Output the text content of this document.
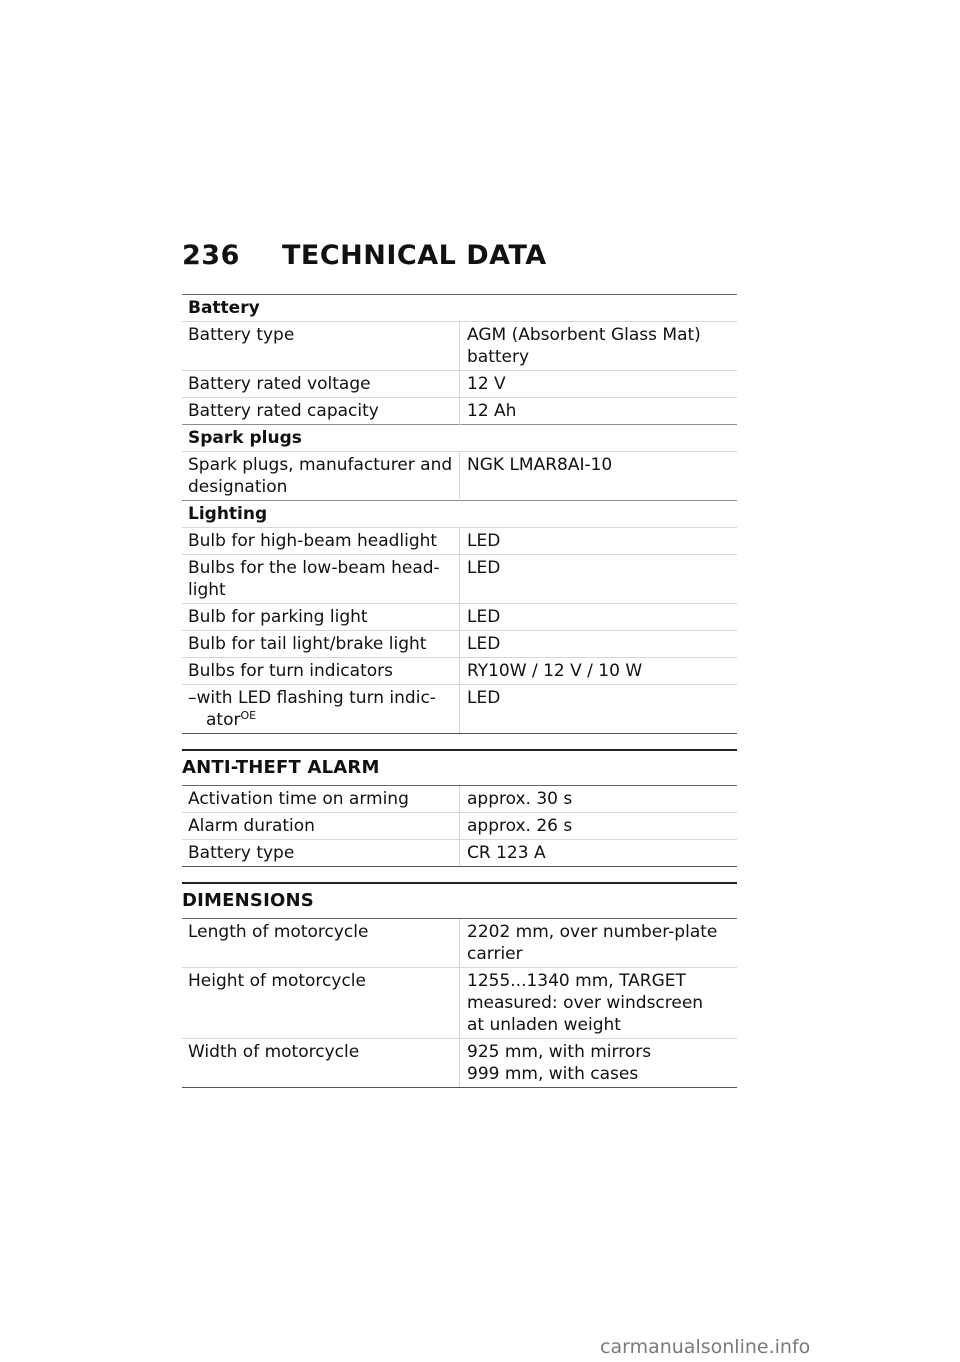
236 TECHNICAL DATA
Battery	
Battery type	AGM (Absorbent Glass Mat) battery
Battery rated voltage	12 V
Battery rated capacity	12 Ah
Spark plugs	
Spark plugs, manufacturer and designation	NGK LMAR8AI-10
Lighting	
Bulb for high-beam headlight	LED
Bulbs for the low-beam head-light	LED
Bulb for parking light	LED
Bulb for tail light/brake light	LED
Bulbs for turn indicators	RY10W / 12 V / 10 W
–with LED flashing turn indic-
ator$^{OE}$	LED
ANTI-THEFT ALARM
Activation time on arming	approx. 30 s
Alarm duration	approx. 26 s
Battery type	CR 123 A
DIMENSIONS
Length of motorcycle	2202 mm, over number-plate carrier
Height of motorcycle	1255...1340 mm, TARGET
measured: over windscreen
at unladen weight
Width of motorcycle	925 mm, with mirrors
999 mm, with cases
carmanualsonline.info
